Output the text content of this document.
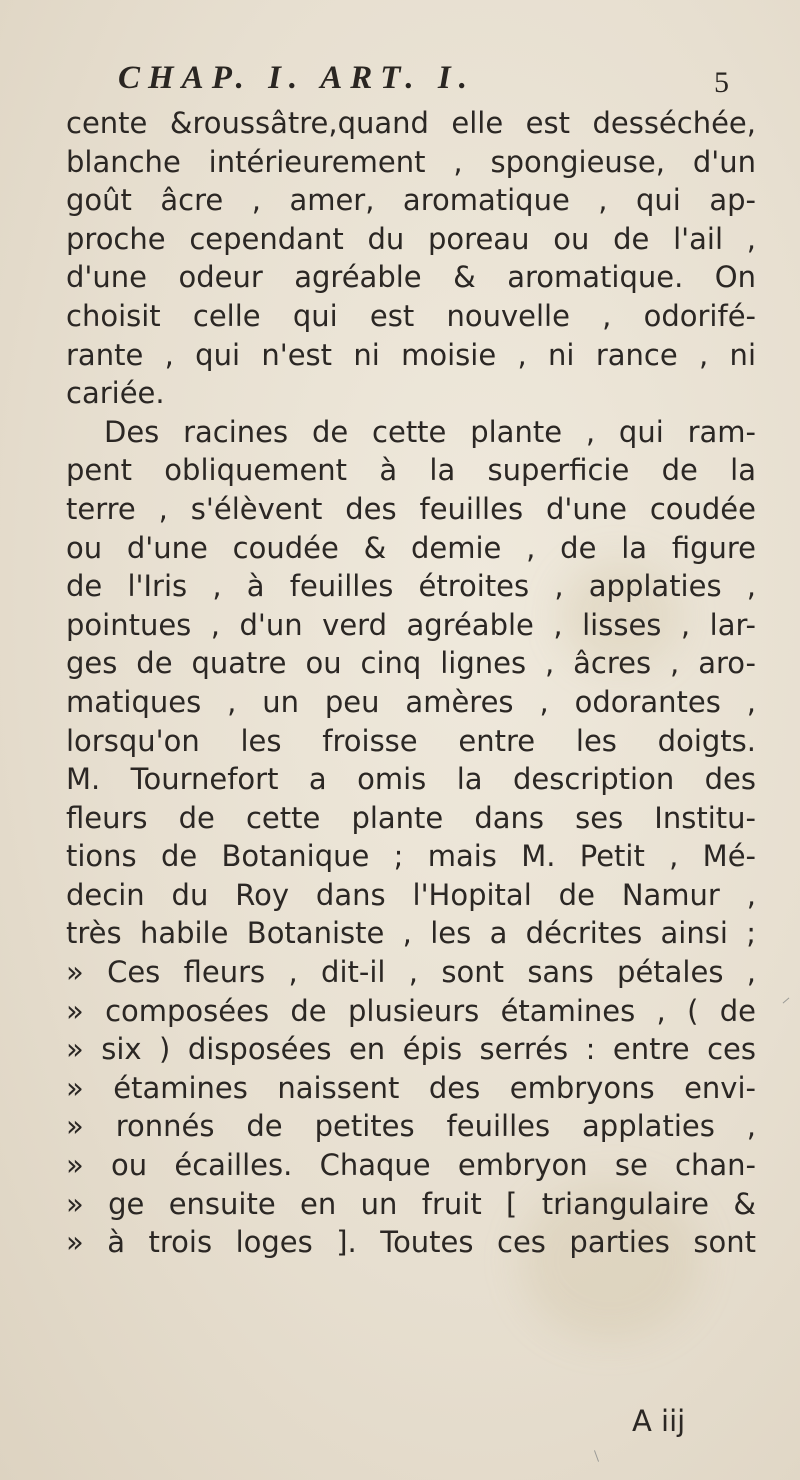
CHAP. I. ART. I.	5
cente &roussâtre,quand elle est desséchée,
blanche intérieurement , spongieuse, d'un
goût âcre , amer, aromatique , qui ap-
proche cependant du poreau ou de l'ail ,
d'une odeur agréable & aromatique. On
choisit celle qui est nouvelle , odorifé-
rante , qui n'est ni moisie , ni rance , ni
cariée.
Des racines de cette plante , qui ram-
pent obliquement à la superficie de la
terre , s'élèvent des feuilles d'une coudée
ou d'une coudée & demie , de la figure
de l'Iris , à feuilles étroites , applaties ,
pointues , d'un verd agréable , lisses , lar-
ges de quatre ou cinq lignes , âcres , aro-
matiques , un peu amères , odorantes ,
lorsqu'on les froisse entre les doigts.
M. Tournefort a omis la description des
fleurs de cette plante dans ses Institu-
tions de Botanique ; mais M. Petit , Mé-
decin du Roy dans l'Hopital de Namur ,
très habile Botaniste , les a décrites ainsi ;
» Ces fleurs , dit-il , sont sans pétales ,
» composées de plusieurs étamines , ( de
» six ) disposées en épis serrés : entre ces
» étamines naissent des embryons envi-
» ronnés de petites feuilles applaties ,
» ou écailles. Chaque embryon se chan-
» ge ensuite en un fruit [ triangulaire &
» à trois loges ]. Toutes ces parties sont
A iij
